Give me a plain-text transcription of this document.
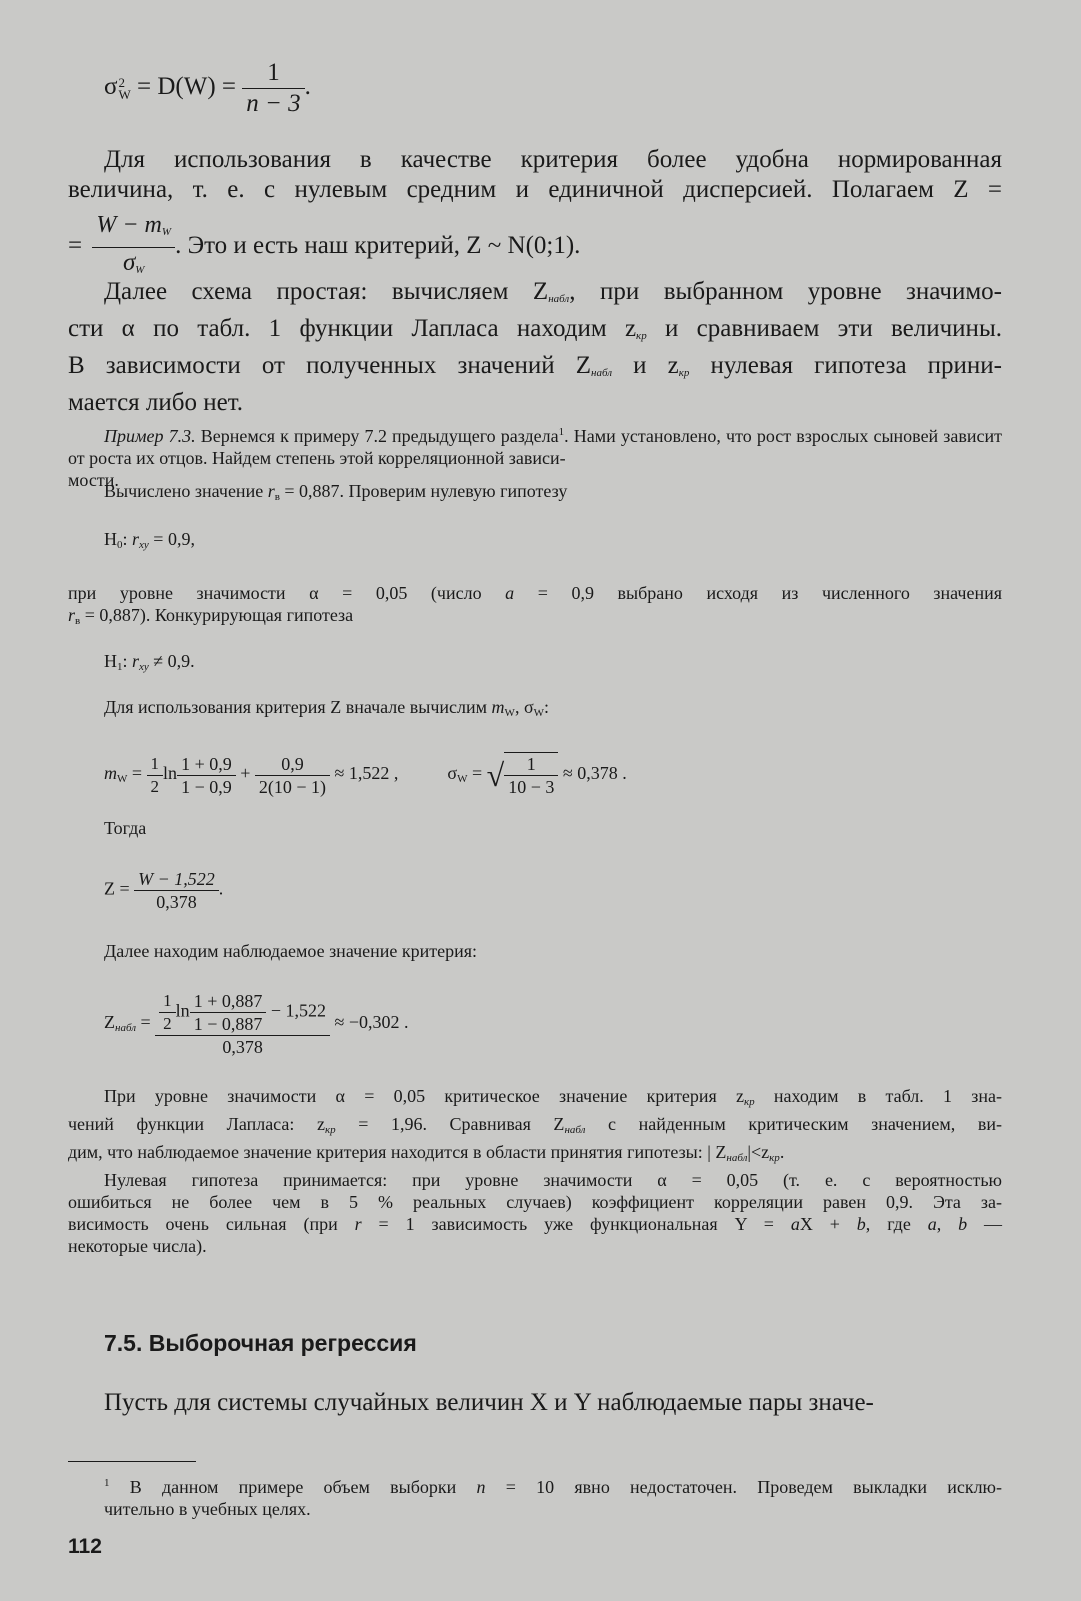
σ 2
$W = D(W) = \frac{1}{n - 3}$ .
Для использования в качестве критерия более удобна нормированная
величина, т. е. с нулевым средним и единичной дисперсией. Полагаем Z =
= $\frac{W - mW}{\sigma W}$ . Это и есть наш критерий, Z ~ N(0;1).
Далее схема простая: вычисляем Zнабл, при выбранном уровне значимо-
сти α по табл. 1 функции Лапласа находим zкр и сравниваем эти величины.
В зависимости от полученных значений Zнабл и zкр нулевая гипотеза прини-
мается либо нет.
Пример 7.3. Вернемся к примеру 7.2 предыдущего раздела$^1$. Нами установлено, что рост взрослых сыновей зависит от роста их отцов. Найдем степень этой корреляционной зависи-
мости.
Вычислено значение rв = 0,887. Проверим нулевую гипотезу
H0: rxy = 0,9,
при уровне значимости α = 0,05 (число a = 0,9 выбрано исходя из численного значения
rв = 0,887). Конкурирующая гипотеза
H1: rxy ≠ 0,9.
Для использования критерия Z вначале вычислим mW, σW:
mW = $\frac{1}{2}$ $\ln \frac{1 + 0,9}{1 - 0,9} + \frac{0,9}{2(10 - 1)} \approx 1,522$ ,	σW = √ $\frac{1}{10 - 3} \approx 0,378$ .
Тогда
$Z = \frac{W - 1,522}{0,378}$ .
Далее находим наблюдаемое значение критерия:
Zнабл = $\frac{\frac{1}{2} \ln \frac{1 + 0,887}{1 - 0,887} - 1,522}{0,378} \approx -0,302$ .
При уровне значимости α = 0,05 критическое значение критерия zкр находим в табл. 1 зна-
чений функции Лапласа: zкр = 1,96. Сравнивая Zнабл с найденным критическим значением, ви-
дим, что наблюдаемое значение критерия находится в области принятия гипотезы: | Zнабл|<zкр.
Нулевая гипотеза принимается: при уровне значимости α = 0,05 (т. е. с вероятностью
ошибиться не более чем в 5 % реальных случаев) коэффициент корреляции равен 0,9. Эта за-
висимость очень сильная (при r = 1 зависимость уже функциональная Y = aX + b, где a, b —
некоторые числа).
7.5. Выборочная регрессия
Пусть для системы случайных величин X и Y наблюдаемые пары значе-
$^1$ В данном примере объем выборки n = 10 явно недостаточен. Проведем выкладки исклю-
чительно в учебных целях.
112
